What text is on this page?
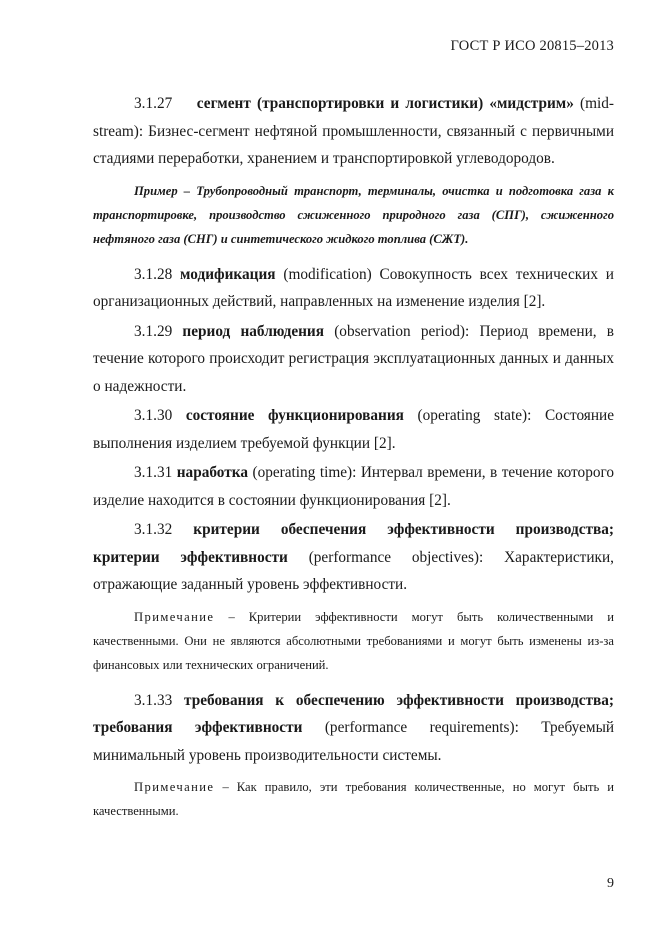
ГОСТ Р ИСО 20815–2013

3.1.27 сегмент (транспортировки и логистики) «мидстрим» (mid-stream): Бизнес-сегмент нефтяной промышленности, связанный с первичными стадиями переработки, хранением и транспортировкой углеводородов.

Пример – Трубопроводный транспорт, терминалы, очистка и подготовка газа к транспортировке, производство сжиженного природного газа (СПГ), сжиженного нефтяного газа (СНГ) и синтетического жидкого топлива (СЖТ).

3.1.28 модификация (modification) Совокупность всех технических и организационных действий, направленных на изменение изделия [2].

3.1.29 период наблюдения (observation period): Период времени, в течение которого происходит регистрация эксплуатационных данных и данных о надежности.

3.1.30 состояние функционирования (operating state): Состояние выполнения изделием требуемой функции [2].

3.1.31 наработка (operating time): Интервал времени, в течение которого изделие находится в состоянии функционирования [2].

3.1.32 критерии обеспечения эффективности производства; критерии эффективности (performance objectives): Характеристики, отражающие заданный уровень эффективности.

Примечание – Критерии эффективности могут быть количественными и качественными. Они не являются абсолютными требованиями и могут быть изменены из-за финансовых или технических ограничений.

3.1.33 требования к обеспечению эффективности производства; требования эффективности (performance requirements): Требуемый минимальный уровень производительности системы.

Примечание – Как правило, эти требования количественные, но могут быть и качественными.

9
